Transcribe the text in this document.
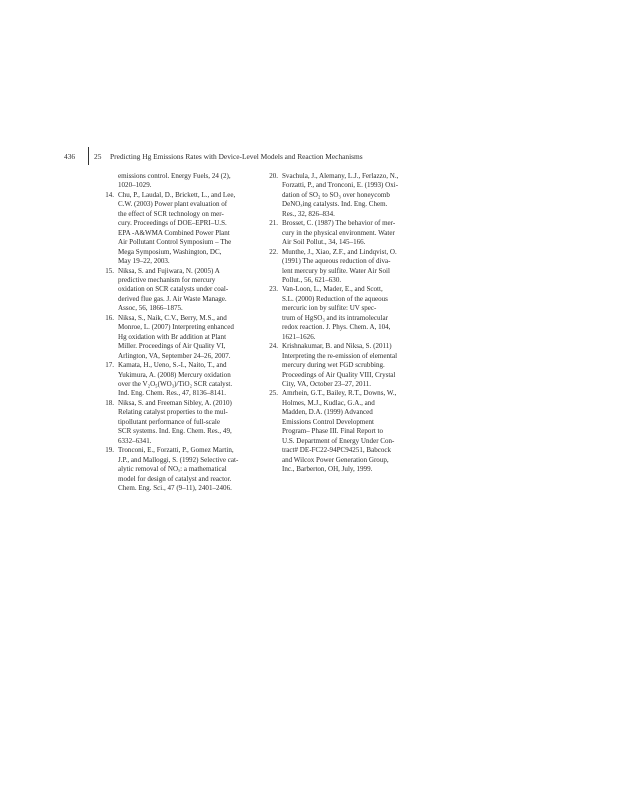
436	25 Predicting Hg Emissions Rates with Device-Level Models and Reaction Mechanisms
emissions control. Energy Fuels, 24 (2),
1020–1029.
14. Chu, P., Laudal, D., Brickett, L., and Lee,
C.W. (2003) Power plant evaluation of
the effect of SCR technology on mer-
cury. Proceedings of DOE–EPRI–U.S.
EPA -A&WMA Combined Power Plant
Air Pollutant Control Symposium – The
Mega Symposium, Washington, DC,
May 19–22, 2003.
15. Niksa, S. and Fujiwara, N. (2005) A
predictive mechanism for mercury
oxidation on SCR catalysts under coal-
derived flue gas. J. Air Waste Manage.
Assoc, 56, 1866–1875.
16. Niksa, S., Naik, C.V., Berry, M.S., and
Monroe, L. (2007) Interpreting enhanced
Hg oxidation with Br addition at Plant
Miller. Proceedings of Air Quality VI,
Arlington, VA, September 24–26, 2007.
17. Kamata, H., Ueno, S.-I., Naito, T., and
Yukimura, A. (2008) Mercury oxidation
over the V₂O₅(WO₃)/TiO₂ SCR catalyst.
Ind. Eng. Chem. Res., 47, 8136–8141.
18. Niksa, S. and Freeman Sibley, A. (2010)
Relating catalyst properties to the mul-
tipollutant performance of full-scale
SCR systems. Ind. Eng. Chem. Res., 49,
6332–6341.
19. Tronconi, E., Forzatti, P., Gomez Martin,
J.P., and Malloggi, S. (1992) Selective cat-
alytic removal of NOₓ: a mathematical
model for design of catalyst and reactor.
Chem. Eng. Sci., 47 (9–11), 2401–2406.
20. Svachula, J., Alemany, L.J., Ferlazzo, N.,
Forzatti, P., and Tronconi, E. (1993) Oxi-
dation of SO₂ to SO₃ over honeycomb
DeNOₓing catalysts. Ind. Eng. Chem.
Res., 32, 826–834.
21. Brosset, C. (1987) The behavior of mer-
cury in the physical environment. Water
Air Soil Pollut., 34, 145–166.
22. Munthe, J., Xiao, Z.F., and Lindqvist, O.
(1991) The aqueous reduction of diva-
lent mercury by sulfite. Water Air Soil
Pollut., 56, 621–630.
23. Van-Loon, L., Mader, E., and Scott,
S.L. (2000) Reduction of the aqueous
mercuric ion by sulfite: UV spec-
trum of HgSO₃ and its intramolecular
redox reaction. J. Phys. Chem. A, 104,
1621–1626.
24. Krishnakumar, B. and Niksa, S. (2011)
Interpreting the re-emission of elemental
mercury during wet FGD scrubbing.
Proceedings of Air Quality VIII, Crystal
City, VA, October 23–27, 2011.
25. Amrhein, G.T., Bailey, R.T., Downs, W.,
Holmes, M.J., Kudlac, G.A., and
Madden, D.A. (1999) Advanced
Emissions Control Development
Program– Phase III. Final Report to
U.S. Department of Energy Under Con-
tract# DE-FC22-94PC94251, Babcock
and Wilcox Power Generation Group,
Inc., Barberton, OH, July, 1999.
